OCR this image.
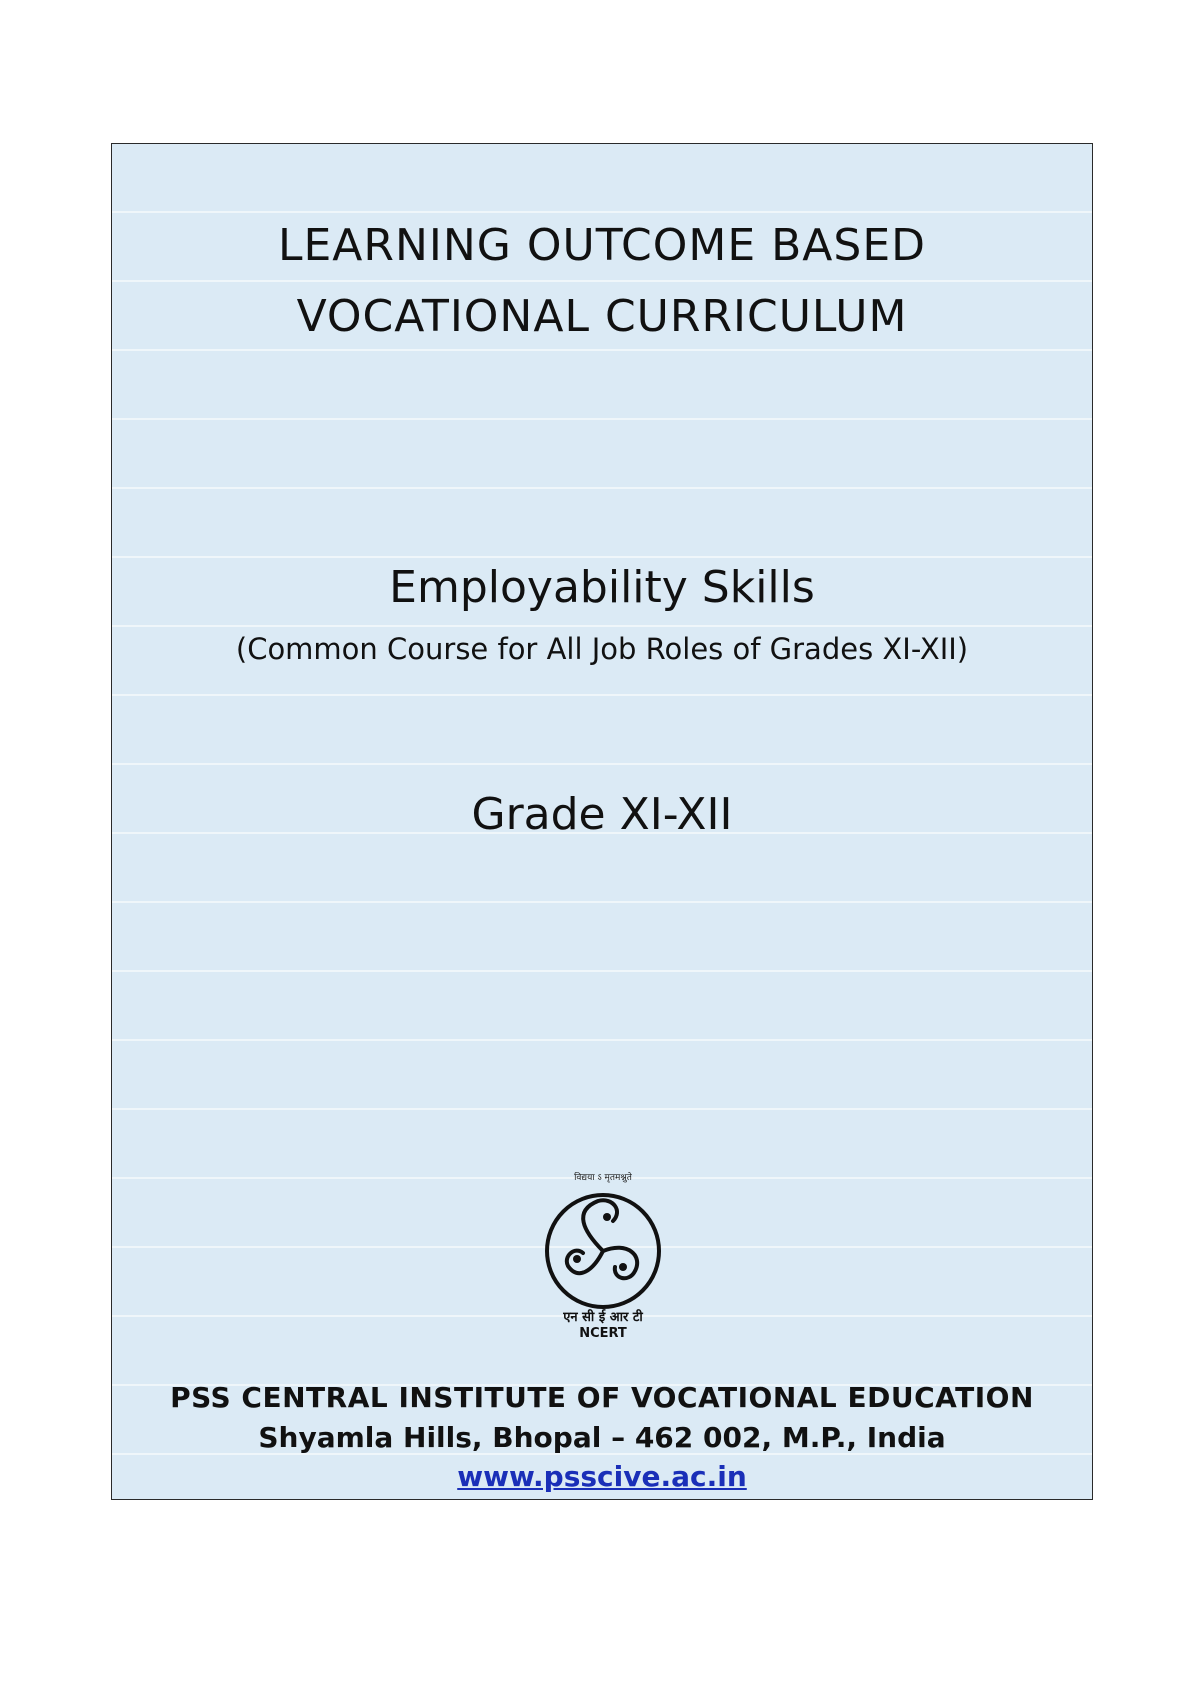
LEARNING OUTCOME BASED
VOCATIONAL CURRICULUM
Employability Skills
(Common Course for All Job Roles of Grades XI-XII)
Grade XI-XII
विद्यया ऽ मृतमश्नुते
एन सी ई आर टी
NCERT
PSS CENTRAL INSTITUTE OF VOCATIONAL EDUCATION
Shyamla Hills, Bhopal – 462 002, M.P., India
www.psscive.ac.in
